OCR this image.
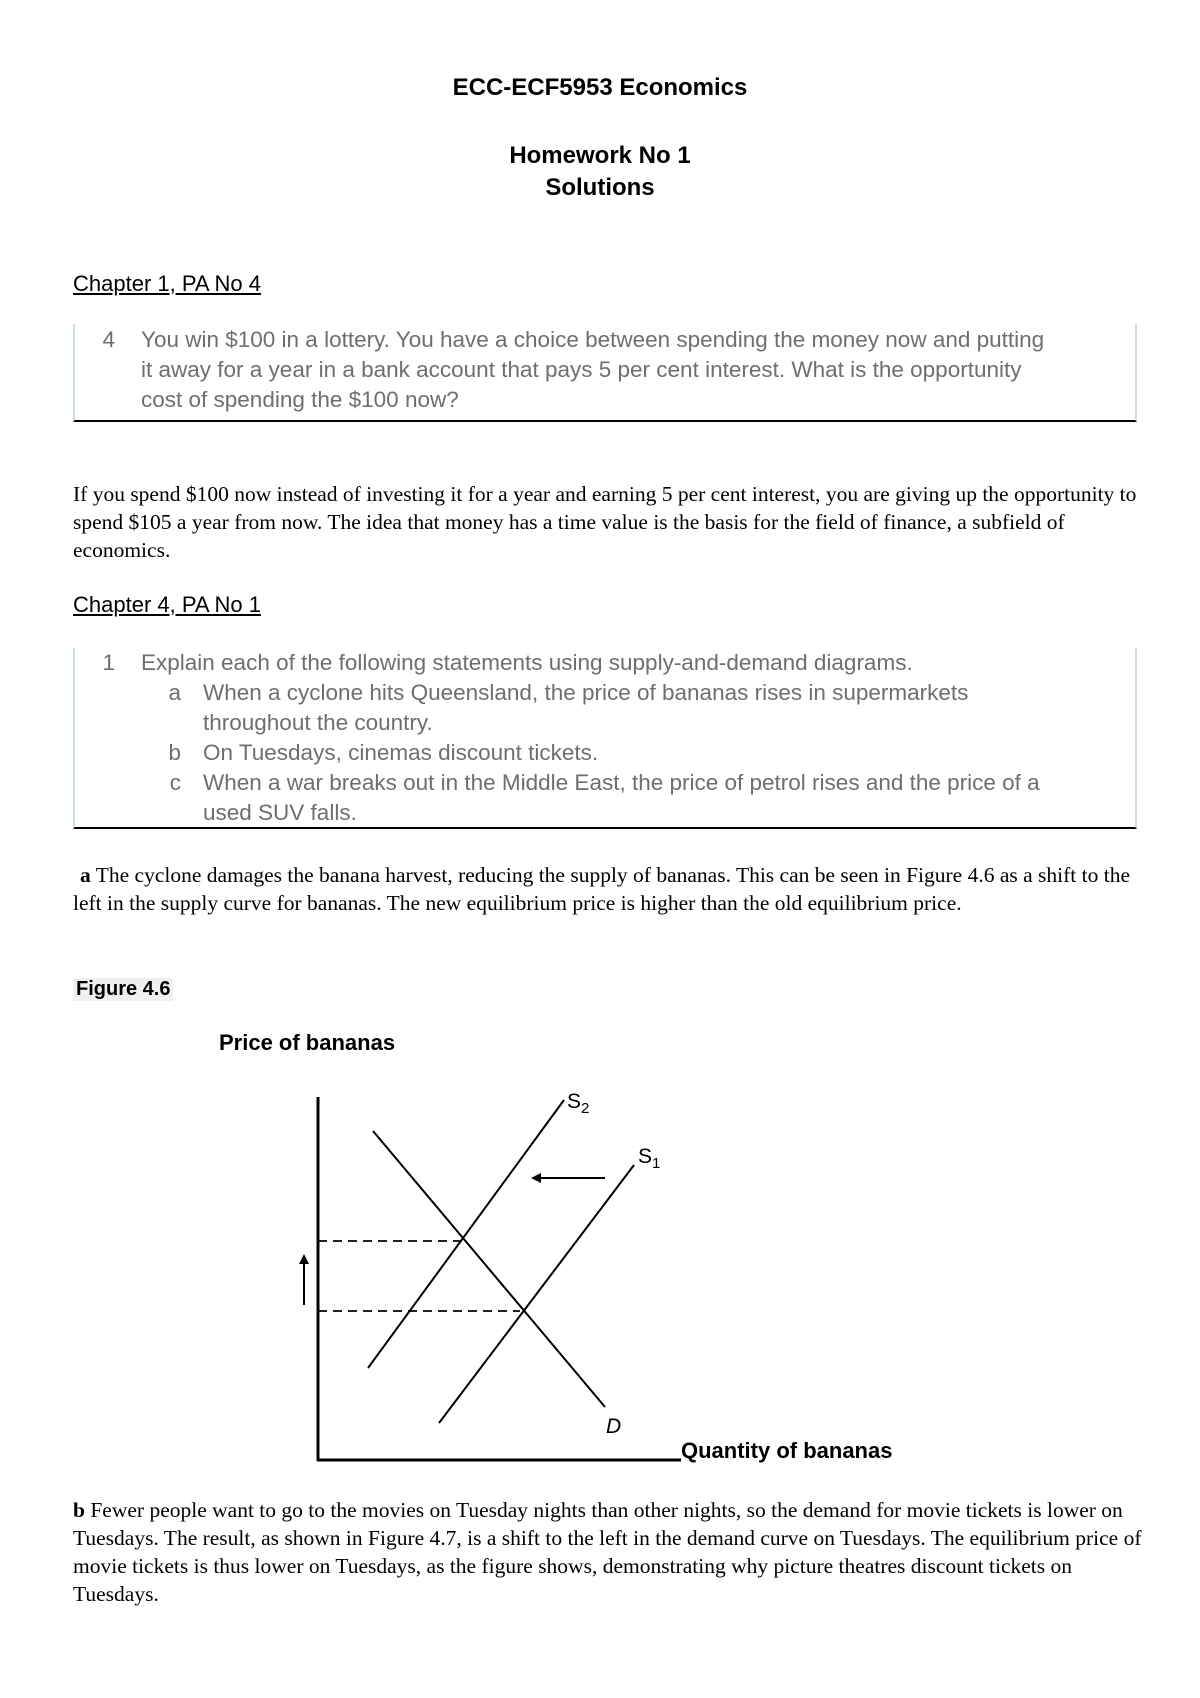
ECC-ECF5953 Economics
Homework No 1
Solutions
Chapter 1, PA No 4
4 You win $100 in a lottery. You have a choice between spending the money now and putting
it away for a year in a bank account that pays 5 per cent interest. What is the opportunity
cost of spending the $100 now?
If you spend $100 now instead of investing it for a year and earning 5 per cent interest, you are giving up the opportunity to spend $105 a year from now. The idea that money has a time value is the basis for the field of finance, a subfield of economics.
Chapter 4, PA No 1
1	Explain each of the following statements using supply-and-demand diagrams.
a When a cyclone hits Queensland, the price of bananas rises in supermarkets
throughout the country.
b On Tuesdays, cinemas discount tickets.
c When a war breaks out in the Middle East, the price of petrol rises and the price of a
used SUV falls.
a The cyclone damages the banana harvest, reducing the supply of bananas. This can be seen in Figure 4.6 as a shift to the left in the supply curve for bananas. The new equilibrium price is higher than the old equilibrium price.
Figure 4.6
Price of bananas
Quantity of bananas
$S_2$
$S_1$
D
b Fewer people want to go to the movies on Tuesday nights than other nights, so the demand for movie tickets is lower on Tuesdays. The result, as shown in Figure 4.7, is a shift to the left in the demand curve on Tuesdays. The equilibrium price of movie tickets is thus lower on Tuesdays, as the figure shows, demonstrating why picture theatres discount tickets on Tuesdays.
